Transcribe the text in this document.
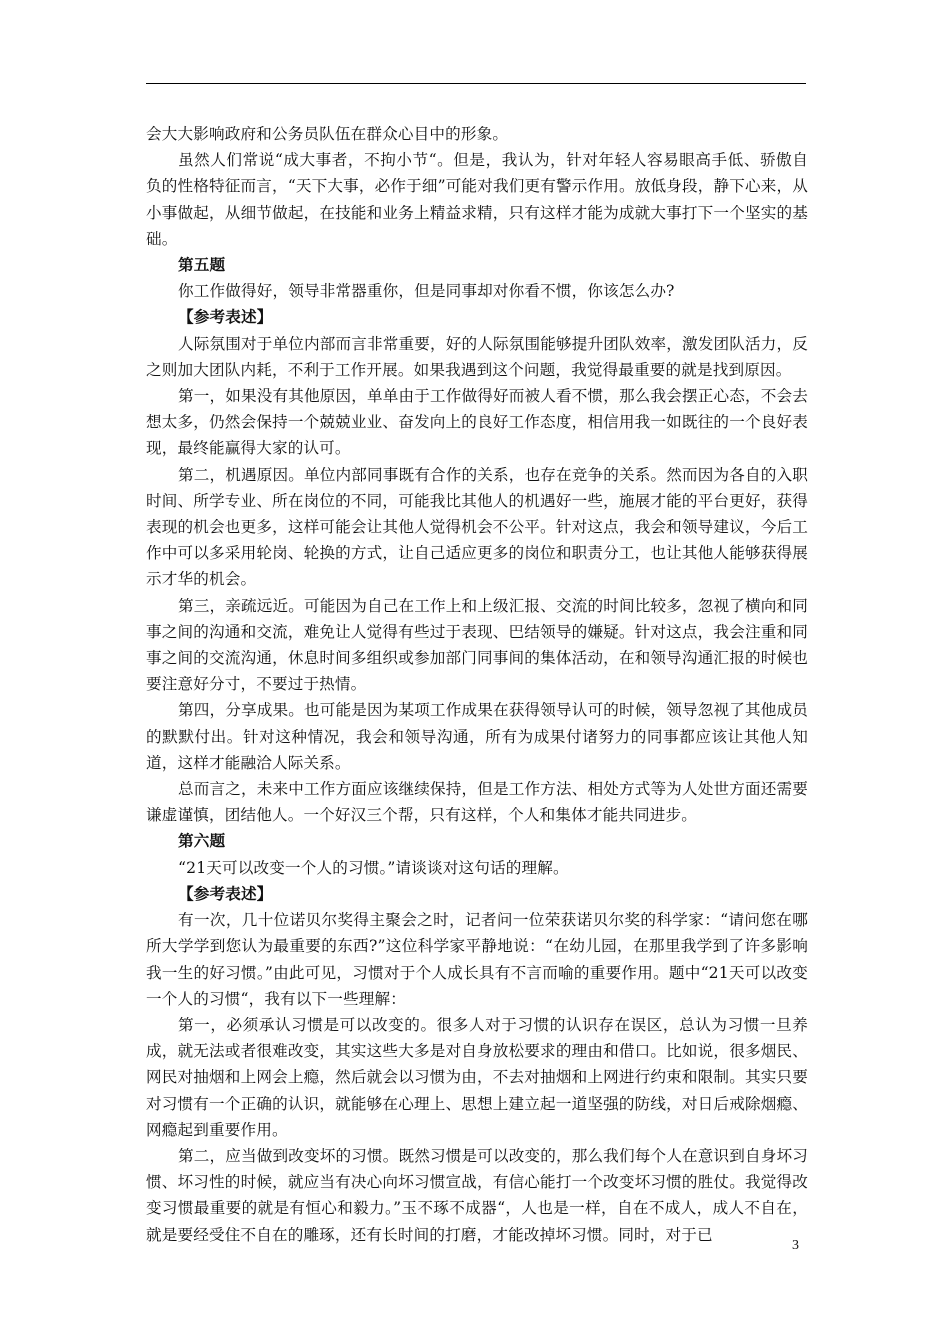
会大大影响政府和公务员队伍在群众心目中的形象。

虽然人们常说“成大事者，不拘小节“。但是，我认为，针对年轻人容易眼高手低、骄傲自负的性格特征而言，“天下大事，必作于细”可能对我们更有警示作用。放低身段，静下心来，从小事做起，从细节做起，在技能和业务上精益求精，只有这样才能为成就大事打下一个坚实的基础。

第五题

你工作做得好，领导非常器重你，但是同事却对你看不惯，你该怎么办?

【参考表述】

人际氛围对于单位内部而言非常重要，好的人际氛围能够提升团队效率，激发团队活力，反之则加大团队内耗，不利于工作开展。如果我遇到这个问题，我觉得最重要的就是找到原因。

第一，如果没有其他原因，单单由于工作做得好而被人看不惯，那么我会摆正心态，不会去想太多，仍然会保持一个兢兢业业、奋发向上的良好工作态度，相信用我一如既往的一个良好表现，最终能赢得大家的认可。

第二，机遇原因。单位内部同事既有合作的关系，也存在竞争的关系。然而因为各自的入职时间、所学专业、所在岗位的不同，可能我比其他人的机遇好一些，施展才能的平台更好，获得表现的机会也更多，这样可能会让其他人觉得机会不公平。针对这点，我会和领导建议，今后工作中可以多采用轮岗、轮换的方式，让自己适应更多的岗位和职责分工，也让其他人能够获得展示才华的机会。

第三，亲疏远近。可能因为自己在工作上和上级汇报、交流的时间比较多，忽视了横向和同事之间的沟通和交流，难免让人觉得有些过于表现、巴结领导的嫌疑。针对这点，我会注重和同事之间的交流沟通，休息时间多组织或参加部门同事间的集体活动，在和领导沟通汇报的时候也要注意好分寸，不要过于热情。

第四，分享成果。也可能是因为某项工作成果在获得领导认可的时候，领导忽视了其他成员的默默付出。针对这种情况，我会和领导沟通，所有为成果付诸努力的同事都应该让其他人知道，这样才能融洽人际关系。

总而言之，未来中工作方面应该继续保持，但是工作方法、相处方式等为人处世方面还需要谦虚谨慎，团结他人。一个好汉三个帮，只有这样，个人和集体才能共同进步。

第六题

“21天可以改变一个人的习惯。”请谈谈对这句话的理解。

【参考表述】

有一次，几十位诺贝尔奖得主聚会之时，记者问一位荣获诺贝尔奖的科学家：“请问您在哪所大学学到您认为最重要的东西?”这位科学家平静地说：“在幼儿园，在那里我学到了许多影响我一生的好习惯。”由此可见，习惯对于个人成长具有不言而喻的重要作用。题中“21天可以改变一个人的习惯“，我有以下一些理解：

第一，必须承认习惯是可以改变的。很多人对于习惯的认识存在误区，总认为习惯一旦养成，就无法或者很难改变，其实这些大多是对自身放松要求的理由和借口。比如说，很多烟民、网民对抽烟和上网会上瘾，然后就会以习惯为由，不去对抽烟和上网进行约束和限制。其实只要对习惯有一个正确的认识，就能够在心理上、思想上建立起一道坚强的防线，对日后戒除烟瘾、网瘾起到重要作用。

第二，应当做到改变坏的习惯。既然习惯是可以改变的，那么我们每个人在意识到自身坏习惯、坏习性的时候，就应当有决心向坏习惯宣战，有信心能打一个改变坏习惯的胜仗。我觉得改变习惯最重要的就是有恒心和毅力。”玉不琢不成器“，人也是一样，自在不成人，成人不自在，就是要经受住不自在的雕琢，还有长时间的打磨，才能改掉坏习惯。同时，对于已

3
